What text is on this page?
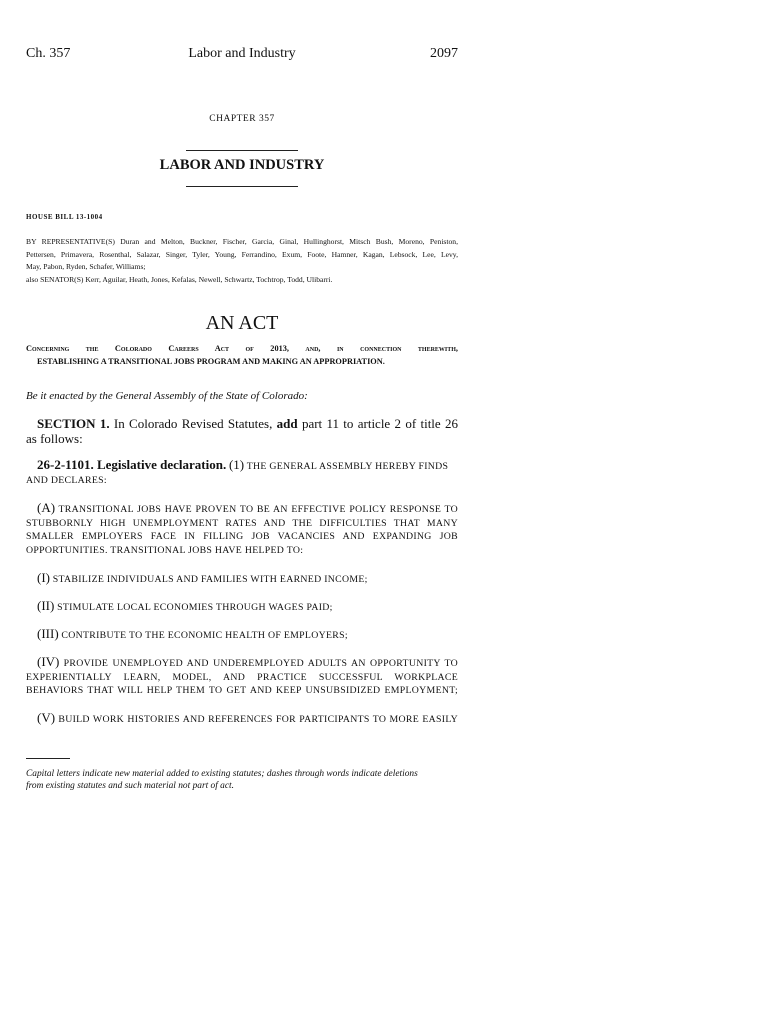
Ch. 357	Labor and Industry	2097
CHAPTER 357
LABOR AND INDUSTRY
HOUSE BILL 13-1004
BY REPRESENTATIVE(S) Duran and Melton, Buckner, Fischer, Garcia, Ginal, Hullinghorst, Mitsch Bush, Moreno, Peniston,
Pettersen, Primavera, Rosenthal, Salazar, Singer, Tyler, Young, Ferrandino, Exum, Foote, Hamner, Kagan, Lebsock, Lee, Levy,
May, Pabon, Ryden, Schafer, Williams;
also SENATOR(S) Kerr, Aguilar, Heath, Jones, Kefalas, Newell, Schwartz, Tochtrop, Todd, Ulibarri.
AN ACT
Concerning the Colorado Careers Act of 2013, and, in connection therewith,
ESTABLISHING A TRANSITIONAL JOBS PROGRAM AND MAKING AN APPROPRIATION.
Be it enacted by the General Assembly of the State of Colorado:
SECTION 1. In Colorado Revised Statutes, add part 11 to article 2 of title 26
as follows:
26-2-1101. Legislative declaration. (1) THE GENERAL ASSEMBLY HEREBY FINDS
AND DECLARES:
(A) TRANSITIONAL JOBS HAVE PROVEN TO BE AN EFFECTIVE POLICY RESPONSE TO
STUBBORNLY HIGH UNEMPLOYMENT RATES AND THE DIFFICULTIES THAT MANY
SMALLER EMPLOYERS FACE IN FILLING JOB VACANCIES AND EXPANDING JOB
OPPORTUNITIES. TRANSITIONAL JOBS HAVE HELPED TO:
(I) STABILIZE INDIVIDUALS AND FAMILIES WITH EARNED INCOME;
(II) STIMULATE LOCAL ECONOMIES THROUGH WAGES PAID;
(III) CONTRIBUTE TO THE ECONOMIC HEALTH OF EMPLOYERS;
(IV) PROVIDE UNEMPLOYED AND UNDEREMPLOYED ADULTS AN OPPORTUNITY TO
EXPERIENTIALLY LEARN, MODEL, AND PRACTICE SUCCESSFUL WORKPLACE
BEHAVIORS THAT WILL HELP THEM TO GET AND KEEP UNSUBSIDIZED EMPLOYMENT;
(V) BUILD WORK HISTORIES AND REFERENCES FOR PARTICIPANTS TO MORE EASILY
Capital letters indicate new material added to existing statutes; dashes through words indicate deletions
from existing statutes and such material not part of act.
